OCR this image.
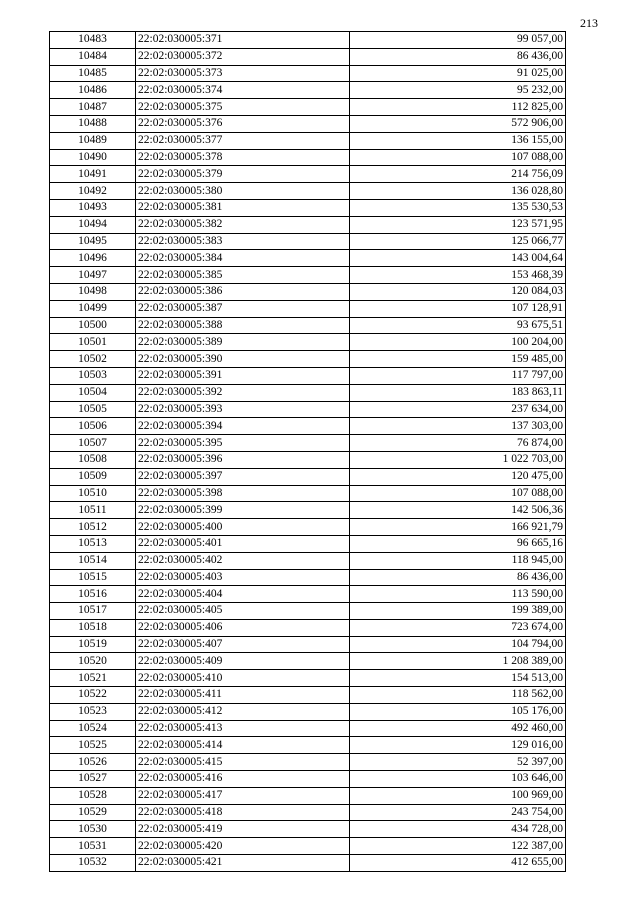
213
10483	22:02:030005:371	99 057,00
10484	22:02:030005:372	86 436,00
10485	22:02:030005:373	91 025,00
10486	22:02:030005:374	95 232,00
10487	22:02:030005:375	112 825,00
10488	22:02:030005:376	572 906,00
10489	22:02:030005:377	136 155,00
10490	22:02:030005:378	107 088,00
10491	22:02:030005:379	214 756,09
10492	22:02:030005:380	136 028,80
10493	22:02:030005:381	135 530,53
10494	22:02:030005:382	123 571,95
10495	22:02:030005:383	125 066,77
10496	22:02:030005:384	143 004,64
10497	22:02:030005:385	153 468,39
10498	22:02:030005:386	120 084,03
10499	22:02:030005:387	107 128,91
10500	22:02:030005:388	93 675,51
10501	22:02:030005:389	100 204,00
10502	22:02:030005:390	159 485,00
10503	22:02:030005:391	117 797,00
10504	22:02:030005:392	183 863,11
10505	22:02:030005:393	237 634,00
10506	22:02:030005:394	137 303,00
10507	22:02:030005:395	76 874,00
10508	22:02:030005:396	1 022 703,00
10509	22:02:030005:397	120 475,00
10510	22:02:030005:398	107 088,00
10511	22:02:030005:399	142 506,36
10512	22:02:030005:400	166 921,79
10513	22:02:030005:401	96 665,16
10514	22:02:030005:402	118 945,00
10515	22:02:030005:403	86 436,00
10516	22:02:030005:404	113 590,00
10517	22:02:030005:405	199 389,00
10518	22:02:030005:406	723 674,00
10519	22:02:030005:407	104 794,00
10520	22:02:030005:409	1 208 389,00
10521	22:02:030005:410	154 513,00
10522	22:02:030005:411	118 562,00
10523	22:02:030005:412	105 176,00
10524	22:02:030005:413	492 460,00
10525	22:02:030005:414	129 016,00
10526	22:02:030005:415	52 397,00
10527	22:02:030005:416	103 646,00
10528	22:02:030005:417	100 969,00
10529	22:02:030005:418	243 754,00
10530	22:02:030005:419	434 728,00
10531	22:02:030005:420	122 387,00
10532	22:02:030005:421	412 655,00
